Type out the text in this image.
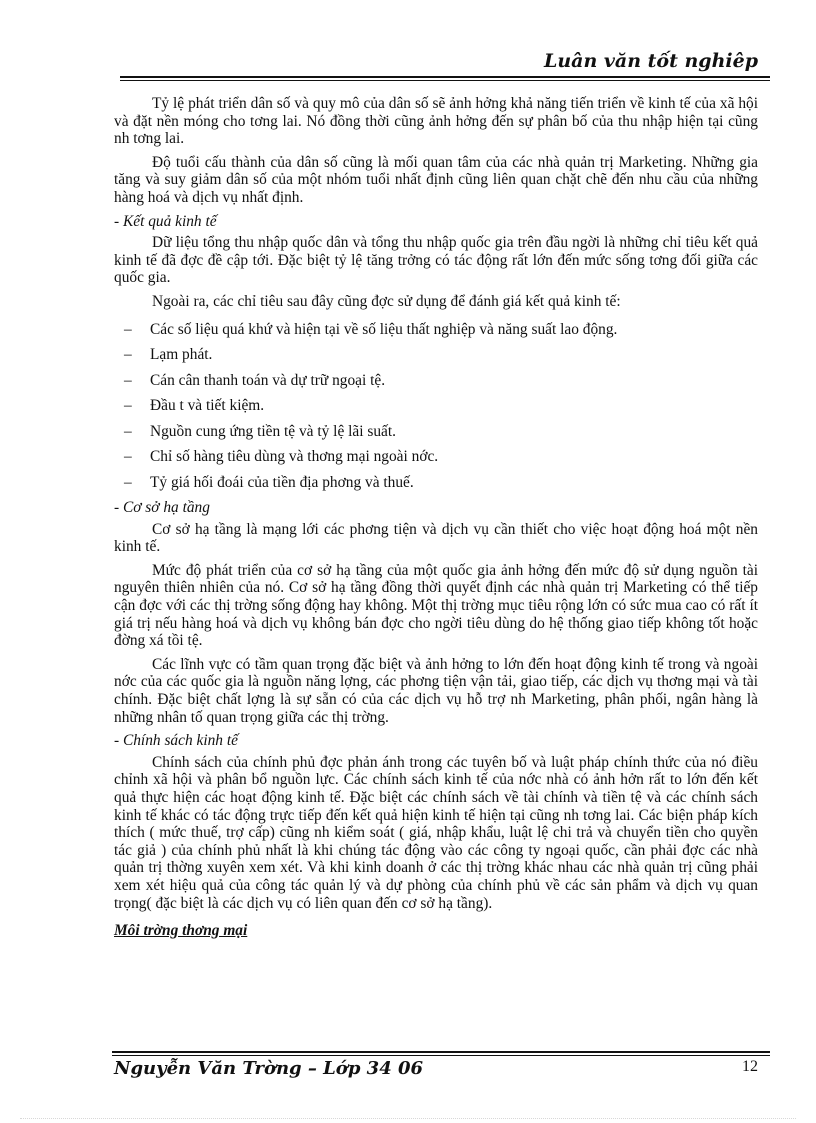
Luân văn tốt nghiêp

Tỷ lệ phát triển dân số và quy mô của dân số sẽ ảnh hởng khả năng tiến triển về kinh tế của xã hội và đặt nền móng cho tơng lai. Nó đồng thời cũng ảnh hởng đến sự phân bố của thu nhập hiện tại cũng nh tơng lai.

Độ tuổi cấu thành của dân số cũng là mối quan tâm của các nhà quản trị Marketing. Những gia tăng và suy giảm dân số của một nhóm tuổi nhất định cũng liên quan chặt chẽ đến nhu cầu của những hàng hoá và dịch vụ nhất định.

- Kết quả kinh tế

Dữ liệu tổng thu nhập quốc dân và tổng thu nhập quốc gia trên đầu ngời là những chỉ tiêu kết quả kinh tế đã đợc đề cập tới. Đặc biệt tỷ lệ tăng trởng có tác động rất lớn đến mức sống tơng đối giữa các quốc gia.

Ngoài ra, các chỉ tiêu sau đây cũng đợc sử dụng để đánh giá kết quả kinh tế:

– Các số liệu quá khứ và hiện tại về số liệu thất nghiệp và năng suất lao động.
– Lạm phát.
– Cán cân thanh toán và dự trữ ngoại tệ.
– Đầu t và tiết kiệm.
– Nguồn cung ứng tiền tệ và tỷ lệ lãi suất.
– Chỉ số hàng tiêu dùng và thơng mại ngoài nớc.
– Tỷ giá hối đoái của tiền địa phơng và thuế.
- Cơ sở hạ tầng

Cơ sở hạ tầng là mạng lới các phơng tiện và dịch vụ cần thiết cho việc hoạt động hoá một nền kinh tế.

Mức độ phát triển của cơ sở hạ tầng của một quốc gia ảnh hởng đến mức độ sử dụng nguồn tài nguyên thiên nhiên của nó. Cơ sở hạ tầng đồng thời quyết định các nhà quản trị Marketing có thể tiếp cận đợc với các thị trờng sống động hay không. Một thị trờng mục tiêu rộng lớn có sức mua cao có rất ít giá trị nếu hàng hoá và dịch vụ không bán đợc cho ngời tiêu dùng do hệ thống giao tiếp không tốt hoặc đờng xá tồi tệ.

Các lĩnh vực có tầm quan trọng đặc biệt và ảnh hởng to lớn đến hoạt động kinh tế trong và ngoài nớc của các quốc gia là nguồn năng lợng, các phơng tiện vận tải, giao tiếp, các dịch vụ thơng mại và tài chính. Đặc biệt chất lợng là sự sẵn có của các dịch vụ hỗ trợ nh Marketing, phân phối, ngân hàng là những nhân tố quan trọng giữa các thị trờng.

- Chính sách kinh tế

Chính sách của chính phủ đợc phản ánh trong các tuyên bố và luật pháp chính thức của nó điều chỉnh xã hội và phân bổ nguồn lực. Các chính sách kinh tế của nớc nhà có ảnh hởn rất to lớn đến kết quả thực hiện các hoạt động kinh tế. Đặc biệt các chính sách về tài chính và tiền tệ và các chính sách kinh tế khác có tác động trực tiếp đến kết quả hiện kinh tế hiện tại cũng nh tơng lai. Các biện pháp kích thích ( mức thuế, trợ cấp) cũng nh kiểm soát ( giá, nhập khẩu, luật lệ chi trả và chuyển tiền cho quyền tác giả ) của chính phủ nhất là khi chúng tác động vào các công ty ngoại quốc, cần phải đợc các nhà quản trị thờng xuyên xem xét. Và khi kinh doanh ở các thị trờng khác nhau các nhà quản trị cũng phải xem xét hiệu quả của công tác quản lý và dự phòng của chính phủ về các sản phẩm và dịch vụ quan trọng( đặc biệt là các dịch vụ có liên quan đến cơ sở hạ tầng).

Môi trờng thơng mại
Nguyễn Văn Trờng – Lớp 34 06	12
